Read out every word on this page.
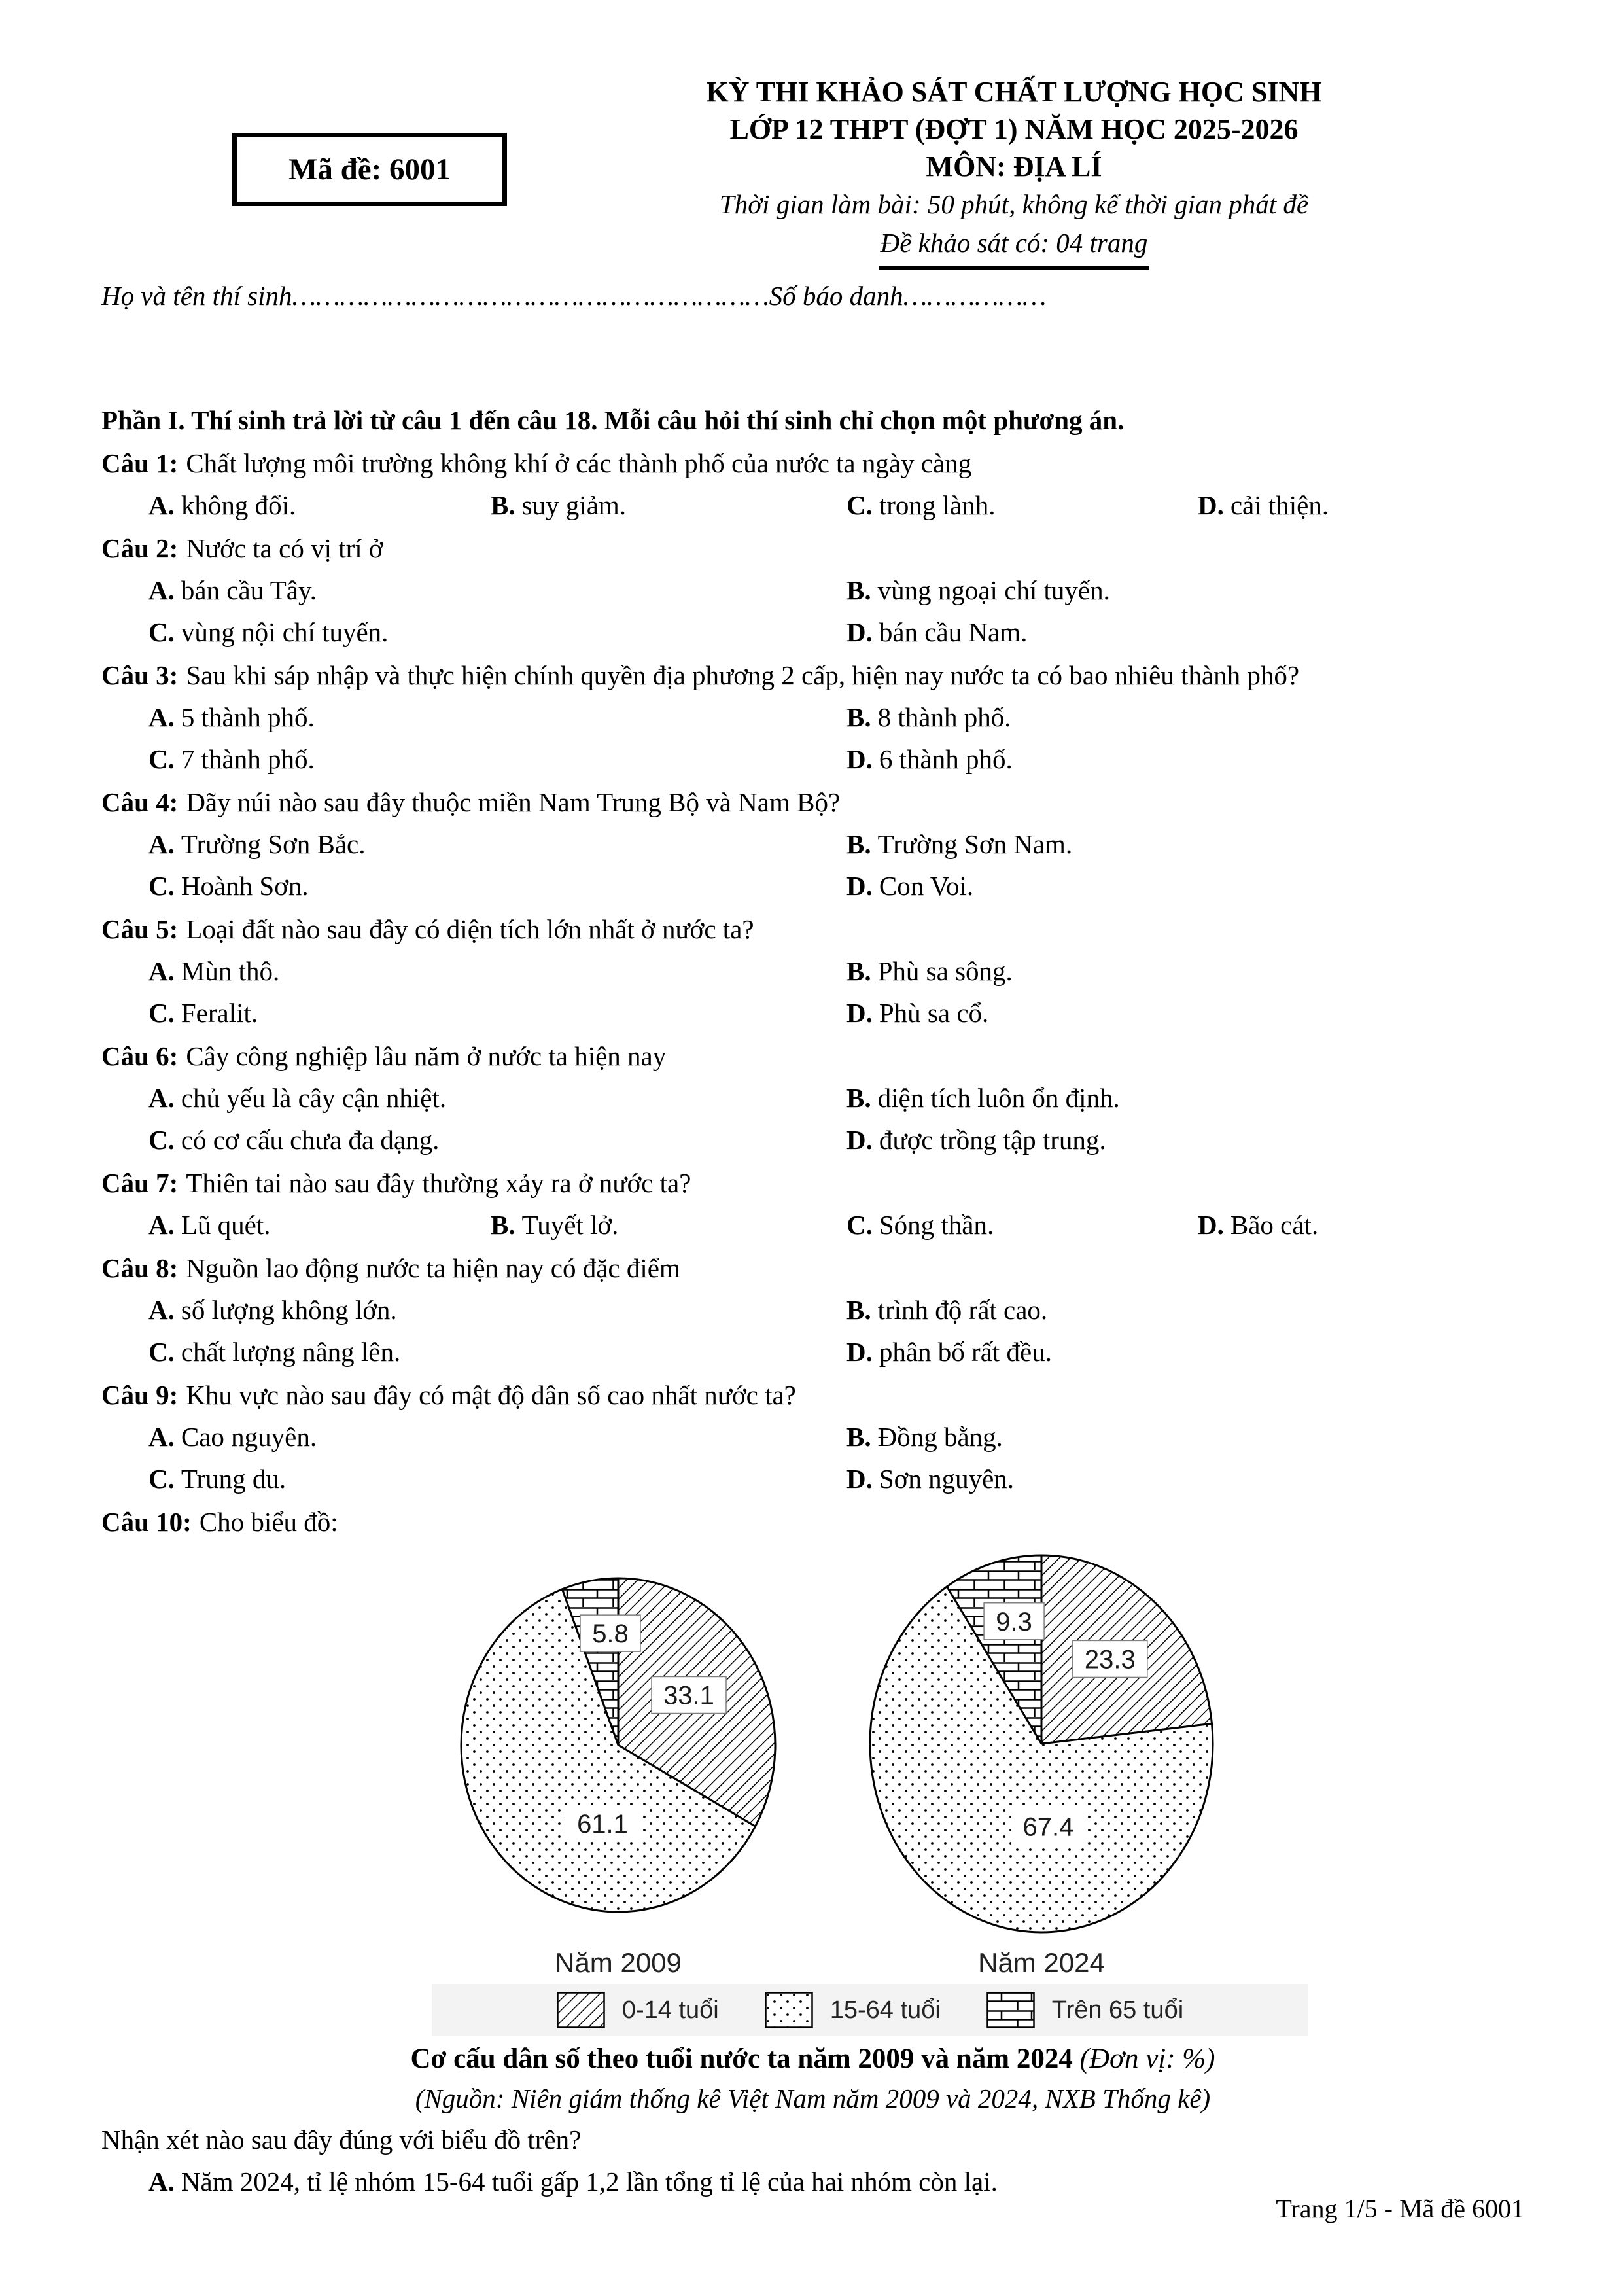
Mã đề: 6001
KỲ THI KHẢO SÁT CHẤT LƯỢNG HỌC SINH
LỚP 12 THPT (ĐỢT 1) NĂM HỌC 2025-2026
MÔN: ĐỊA LÍ
Thời gian làm bài: 50 phút, không kể thời gian phát đề
Đề khảo sát có: 04 trang
Họ và tên thí sinh……………………………………………………Số báo danh………………
Phần I. Thí sinh trả lời từ câu 1 đến câu 18. Mỗi câu hỏi thí sinh chỉ chọn một phương án.
Câu 1: Chất lượng môi trường không khí ở các thành phố của nước ta ngày càng
A. không đổi.	B. suy giảm.	C. trong lành.	D. cải thiện.
Câu 2: Nước ta có vị trí ở
A. bán cầu Tây.	B. vùng ngoại chí tuyến.
C. vùng nội chí tuyến.	D. bán cầu Nam.
Câu 3: Sau khi sáp nhập và thực hiện chính quyền địa phương 2 cấp, hiện nay nước ta có bao nhiêu thành phố?
A. 5 thành phố.	B. 8 thành phố.
C. 7 thành phố.	D. 6 thành phố.
Câu 4: Dãy núi nào sau đây thuộc miền Nam Trung Bộ và Nam Bộ?
A. Trường Sơn Bắc.	B. Trường Sơn Nam.
C. Hoành Sơn.	D. Con Voi.
Câu 5: Loại đất nào sau đây có diện tích lớn nhất ở nước ta?
A. Mùn thô.	B. Phù sa sông.
C. Feralit.	D. Phù sa cổ.
Câu 6: Cây công nghiệp lâu năm ở nước ta hiện nay
A. chủ yếu là cây cận nhiệt.	B. diện tích luôn ổn định.
C. có cơ cấu chưa đa dạng.	D. được trồng tập trung.
Câu 7: Thiên tai nào sau đây thường xảy ra ở nước ta?
A. Lũ quét.	B. Tuyết lở.	C. Sóng thần.	D. Bão cát.
Câu 8: Nguồn lao động nước ta hiện nay có đặc điểm
A. số lượng không lớn.	B. trình độ rất cao.
C. chất lượng nâng lên.	D. phân bố rất đều.
Câu 9: Khu vực nào sau đây có mật độ dân số cao nhất nước ta?
A. Cao nguyên.	B. Đồng bằng.
C. Trung du.	D. Sơn nguyên.
Câu 10: Cho biểu đồ:
33.1
61.1
5.8
23.3
67.4
9.3
Năm 2009	Năm 2024
0-14 tuổi	15-64 tuổi	Trên 65 tuổi
Cơ cấu dân số theo tuổi nước ta năm 2009 và năm 2024 (Đơn vị: %)
(Nguồn: Niên giám thống kê Việt Nam năm 2009 và 2024, NXB Thống kê)
Nhận xét nào sau đây đúng với biểu đồ trên?
A. Năm 2024, tỉ lệ nhóm 15-64 tuổi gấp 1,2 lần tổng tỉ lệ của hai nhóm còn lại.
Trang 1/5 - Mã đề 6001
